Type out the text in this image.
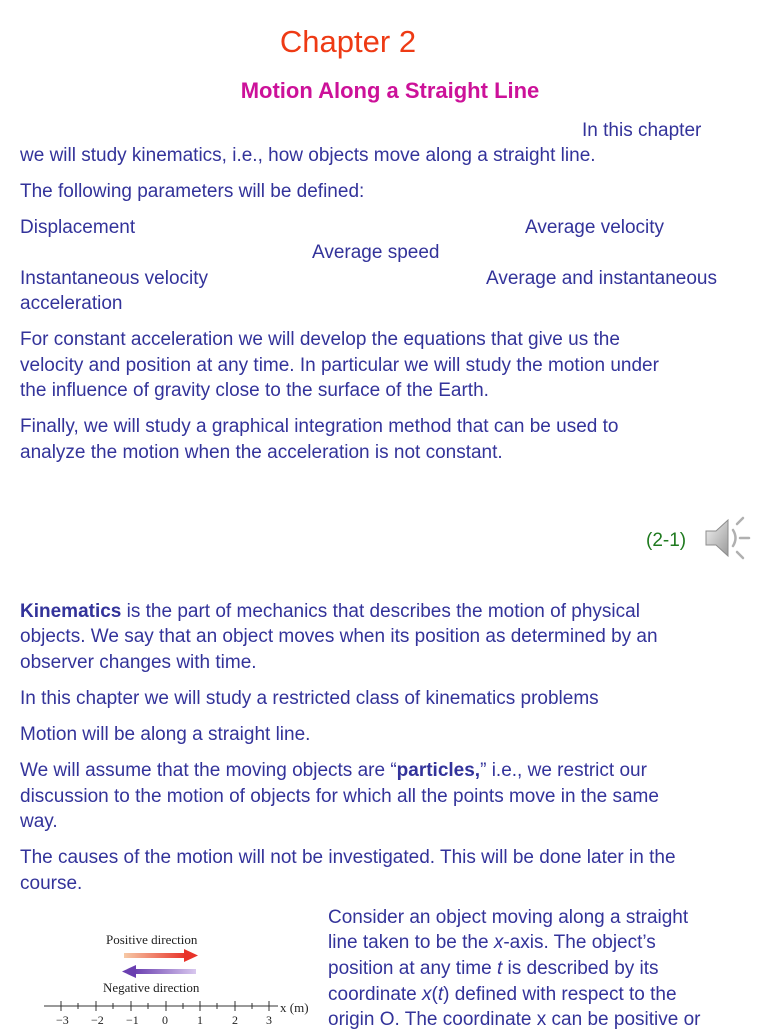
Chapter 2
Motion Along a Straight Line
In this chapter
we will study kinematics, i.e., how objects move along a straight line.
The following parameters will be defined:
Displacement	Average velocity
Average speed
Instantaneous velocity	Average and instantaneous
acceleration
For constant acceleration we will develop the equations that give us the
velocity and position at any time. In particular we will study the motion under
the influence of gravity close to the surface of the Earth.
Finally, we will study a graphical integration method that can be used to
analyze the motion when the acceleration is not constant.
(2-1)
Kinematics is the part of mechanics that describes the motion of physical
objects. We say that an object moves when its position as determined by an
observer changes with time.
In this chapter we will study a restricted class of kinematics problems
Motion will be along a straight line.
We will assume that the moving objects are “particles,” i.e., we restrict our
discussion to the motion of objects for which all the points move in the same
way.
The causes of the motion will not be investigated. This will be done later in the
course.
Consider an object moving along a straight
line taken to be the x-axis. The object’s
position at any time t is described by its
coordinate x(t) defined with respect to the
origin O. The coordinate x can be positive or
Positive direction
Negative direction
x (m)
−3 −2 −1 0 1 2 3
